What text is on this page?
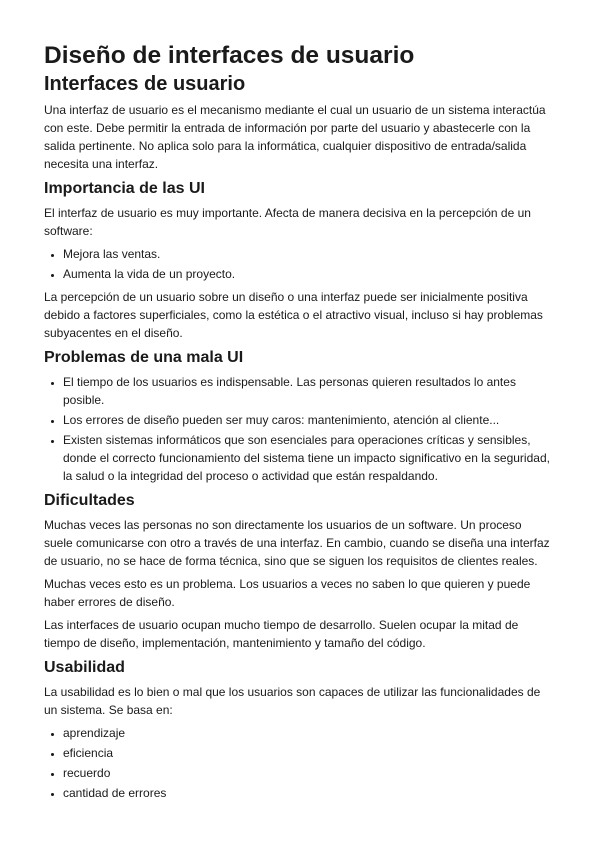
Diseño de interfaces de usuario
Interfaces de usuario

Una interfaz de usuario es el mecanismo mediante el cual un usuario de un sistema interactúa con este. Debe permitir la entrada de información por parte del usuario y abastecerle con la salida pertinente. No aplica solo para la informática, cualquier dispositivo de entrada/salida necesita una interfaz.

Importancia de las UI

El interfaz de usuario es muy importante. Afecta de manera decisiva en la percepción de un software:

• Mejora las ventas.
• Aumenta la vida de un proyecto.

La percepción de un usuario sobre un diseño o una interfaz puede ser inicialmente positiva debido a factores superficiales, como la estética o el atractivo visual, incluso si hay problemas subyacentes en el diseño.

Problemas de una mala UI
• El tiempo de los usuarios es indispensable. Las personas quieren resultados lo antes posible.
• Los errores de diseño pueden ser muy caros: mantenimiento, atención al cliente...
• Existen sistemas informáticos que son esenciales para operaciones críticas y sensibles, donde el correcto funcionamiento del sistema tiene un impacto significativo en la seguridad, la salud o la integridad del proceso o actividad que están respaldando.
Dificultades

Muchas veces las personas no son directamente los usuarios de un software. Un proceso suele comunicarse con otro a través de una interfaz. En cambio, cuando se diseña una interfaz de usuario, no se hace de forma técnica, sino que se siguen los requisitos de clientes reales.

Muchas veces esto es un problema. Los usuarios a veces no saben lo que quieren y puede haber errores de diseño.

Las interfaces de usuario ocupan mucho tiempo de desarrollo. Suelen ocupar la mitad de tiempo de diseño, implementación, mantenimiento y tamaño del código.

Usabilidad

La usabilidad es lo bien o mal que los usuarios son capaces de utilizar las funcionalidades de un sistema. Se basa en:

• aprendizaje
• eficiencia
• recuerdo
• cantidad de errores
